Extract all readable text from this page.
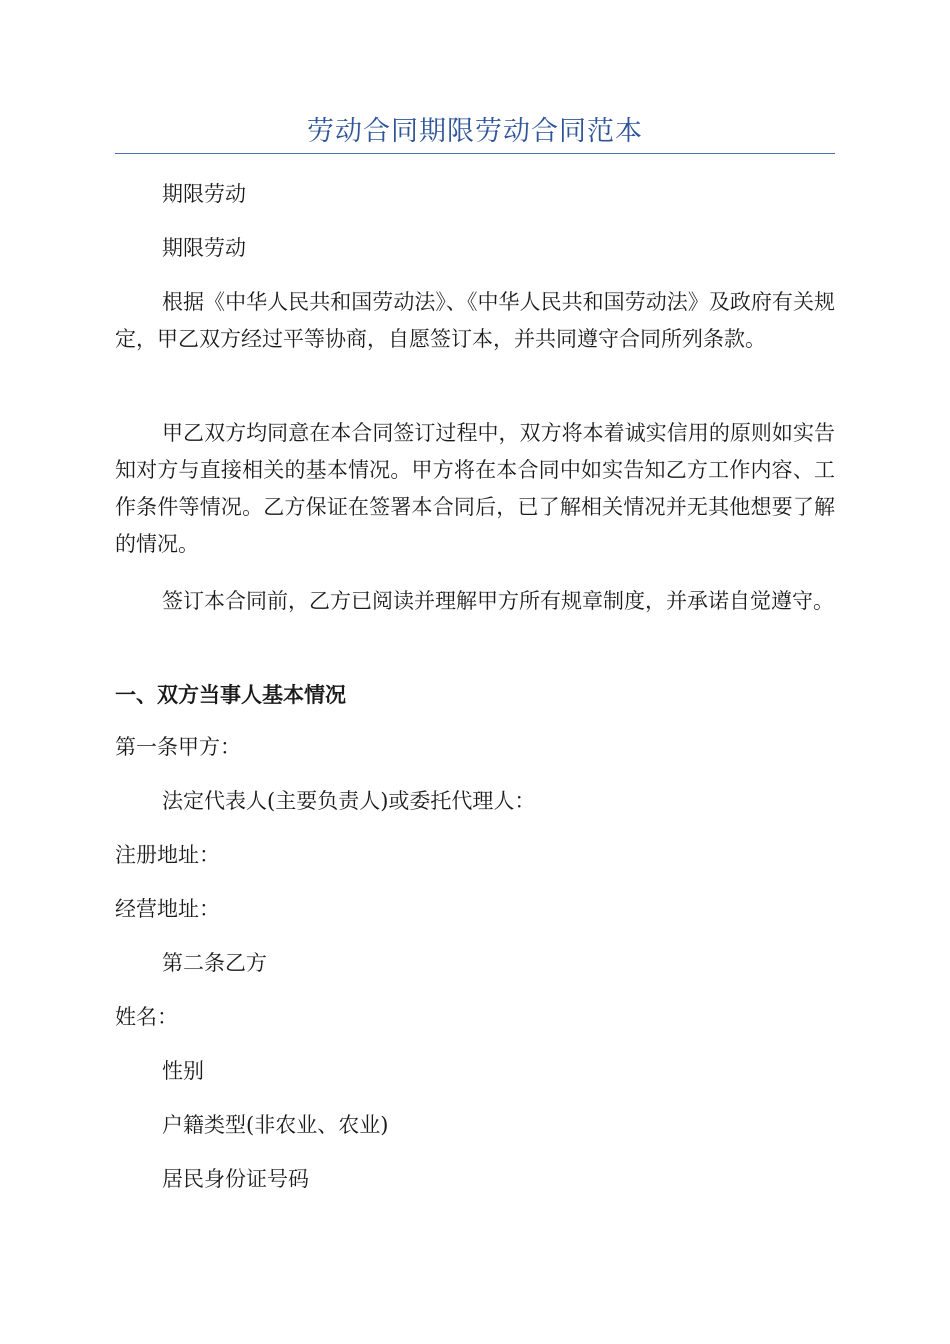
劳动合同期限劳动合同范本

期限劳动

期限劳动

根据《中华人民共和国劳动法》、《中华人民共和国劳动法》及政府有关规定，甲乙双方经过平等协商，自愿签订本，并共同遵守合同所列条款。

甲乙双方均同意在本合同签订过程中，双方将本着诚实信用的原则如实告知对方与直接相关的基本情况。甲方将在本合同中如实告知乙方工作内容、工作条件等情况。乙方保证在签署本合同后，已了解相关情况并无其他想要了解的情况。

签订本合同前，乙方已阅读并理解甲方所有规章制度，并承诺自觉遵守。

一、双方当事人基本情况

第一条甲方：

法定代表人(主要负责人)或委托代理人：

注册地址：

经营地址：

第二条乙方

姓名：

性别

户籍类型(非农业、农业)

居民身份证号码
